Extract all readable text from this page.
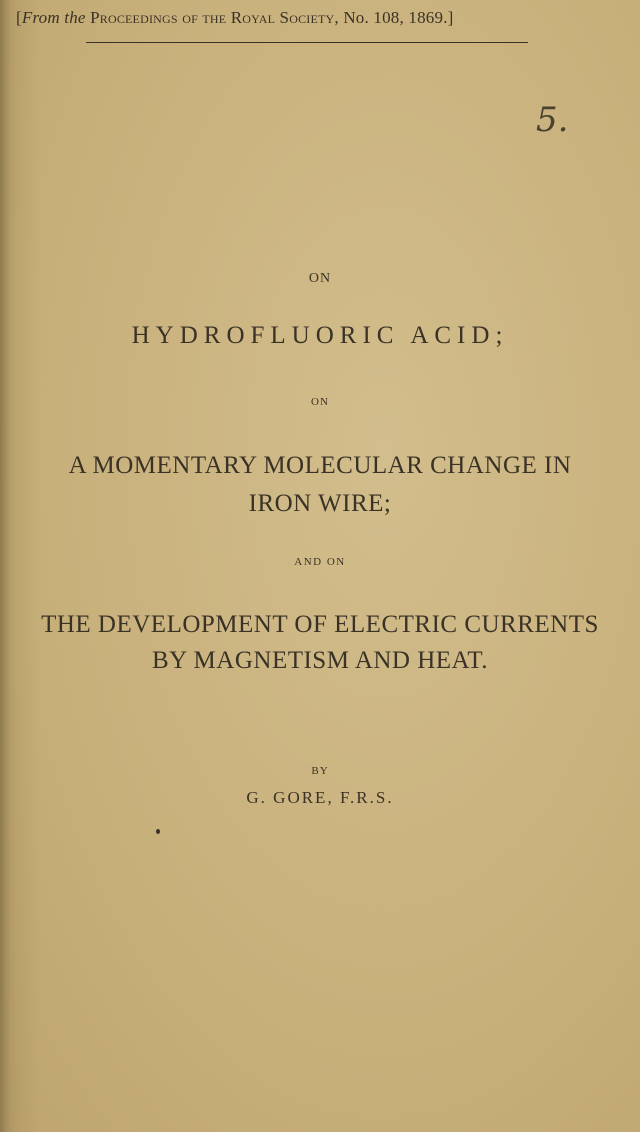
[From the Proceedings of the Royal Society, No. 108, 1869.]
5.
ON
HYDROFLUORIC ACID;
ON
A MOMENTARY MOLECULAR CHANGE IN
IRON WIRE;
AND ON
THE DEVELOPMENT OF ELECTRIC CURRENTS
BY MAGNETISM AND HEAT.
BY
G. GORE, F.R.S.
